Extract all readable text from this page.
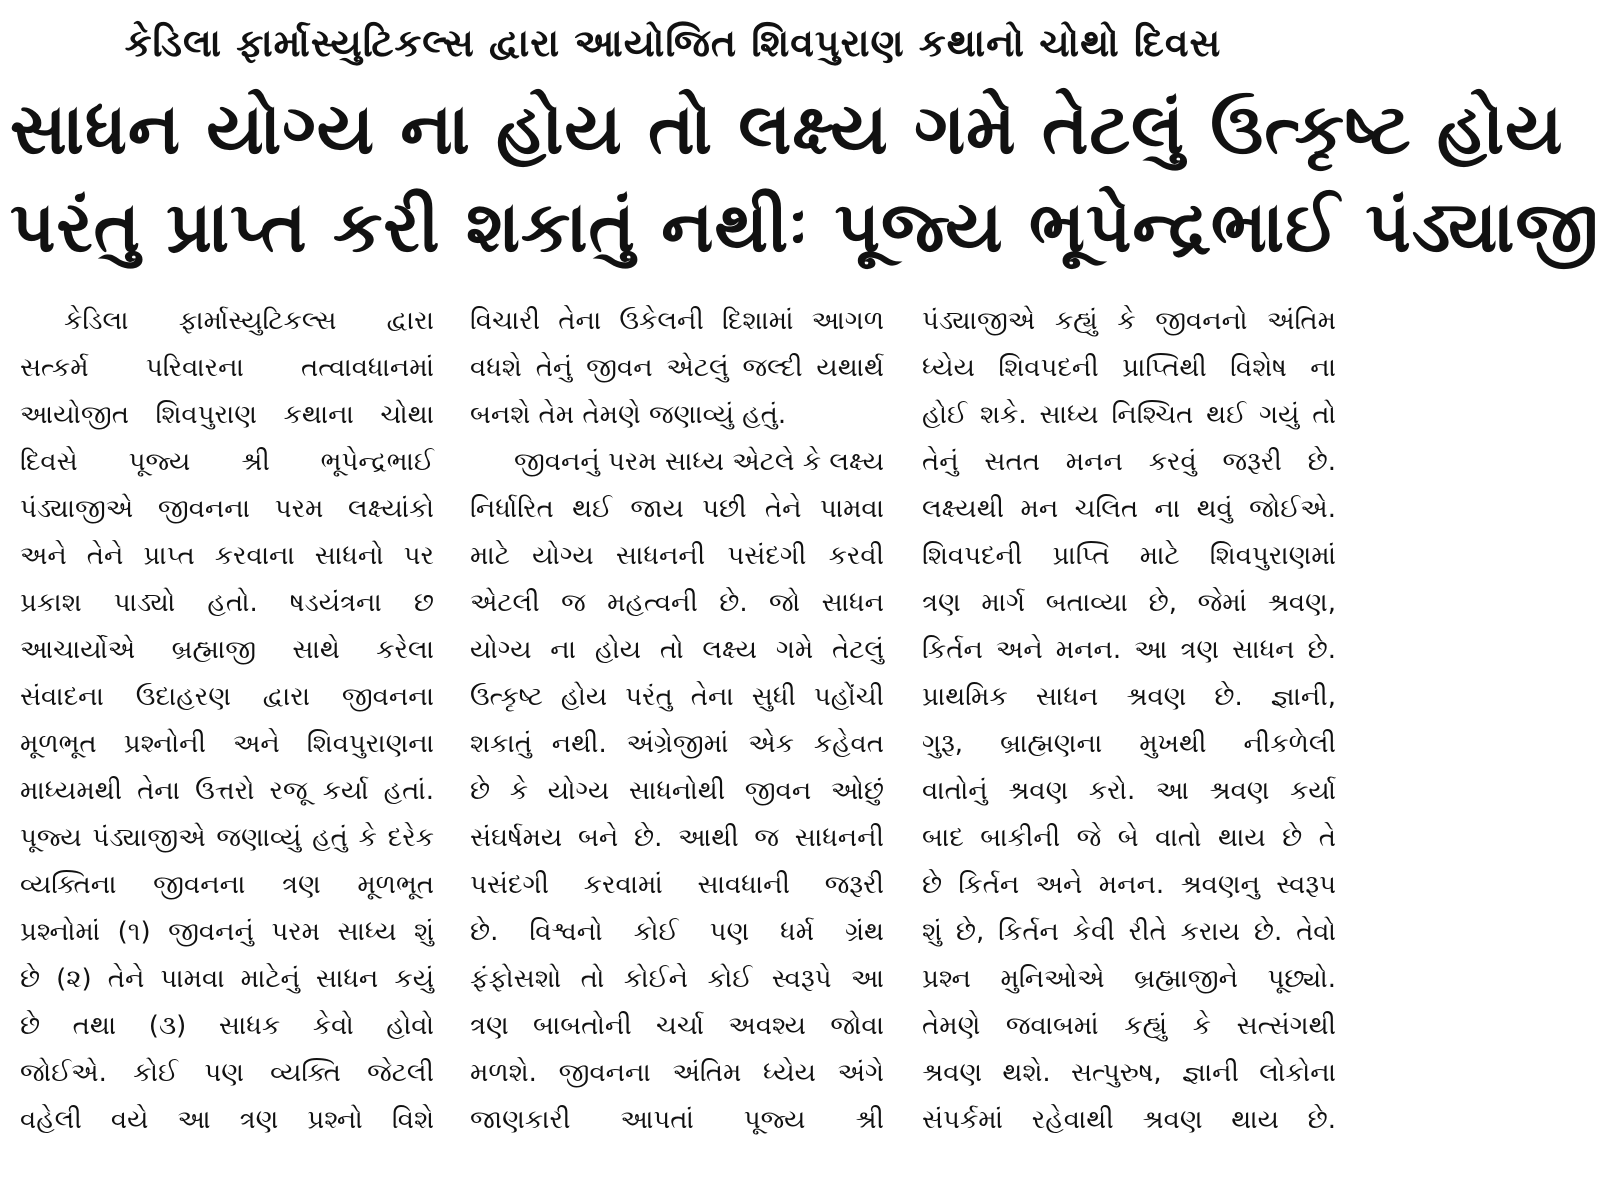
કેડિલા ફાર્માસ્યુટિકલ્સ દ્વારા આયોજિત શિવપુરાણ કથાનો ચોથો દિવસ
સાધન યોગ્ય ના હોય તો લક્ષ્ય ગમે તેટલું ઉત્કૃષ્ટ હોય
પરંતુ પ્રાપ્ત કરી શકાતું નથીઃ પૂજ્ય ભૂપેન્દ્રભાઈ પંડ્યાજી
કેડિલા ફાર્માસ્યુટિકલ્સ દ્વારા
સત્કર્મ પરિવારના તત્વાવધાનમાં
આયોજીત શિવપુરાણ કથાના ચોથા
દિવસે પૂજ્ય શ્રી ભૂપેન્દ્રભાઈ
પંડ્યાજીએ જીવનના પરમ લક્ષ્યાંકો
અને તેને પ્રાપ્ત કરવાના સાધનો પર
પ્રકાશ પાડ્યો હતો. ષડયંત્રના છ
આચાર્યોએ બ્રહ્માજી સાથે કરેલા
સંવાદના ઉદાહરણ દ્વારા જીવનના
મૂળભૂત પ્રશ્નોની અને શિવપુરાણના
માધ્યમથી તેના ઉત્તરો રજૂ કર્યા હતાં.
પૂજ્ય પંડ્યાજીએ જણાવ્યું હતું કે દરેક
વ્યક્તિના જીવનના ત્રણ મૂળભૂત
પ્રશ્નોમાં (૧) જીવનનું પરમ સાધ્ય શું
છે (૨) તેને પામવા માટેનું સાધન કયું
છે તથા (૩) સાધક કેવો હોવો
જોઈએ. કોઈ પણ વ્યક્તિ જેટલી
વહેલી વયે આ ત્રણ પ્રશ્નો વિશે
વિચારી તેના ઉકેલની દિશામાં આગળ
વધશે તેનું જીવન એટલું જલ્દી યથાર્થ
બનશે તેમ તેમણે જણાવ્યું હતું.
જીવનનું પરમ સાધ્ય એટલે કે લક્ષ્ય
નિર્ધારિત થઈ જાય પછી તેને પામવા
માટે યોગ્ય સાધનની પસંદગી કરવી
એટલી જ મહત્વની છે. જો સાધન
યોગ્ય ના હોય તો લક્ષ્ય ગમે તેટલું
ઉત્કૃષ્ટ હોય પરંતુ તેના સુધી પહોંચી
શકાતું નથી. અંગ્રેજીમાં એક કહેવત
છે કે યોગ્ય સાધનોથી જીવન ઓછું
સંઘર્ષમય બને છે. આથી જ સાધનની
પસંદગી કરવામાં સાવધાની જરૂરી
છે. વિશ્વનો કોઈ પણ ધર્મ ગ્રંથ
ફંફોસશો તો કોઈને કોઈ સ્વરૂપે આ
ત્રણ બાબતોની ચર્ચા અવશ્ય જોવા
મળશે. જીવનના અંતિમ ધ્યેય અંગે
જાણકારી આપતાં પૂજ્ય શ્રી
પંડ્યાજીએ કહ્યું કે જીવનનો અંતિમ
ધ્યેય શિવપદની પ્રાપ્તિથી વિશેષ ના
હોઈ શકે. સાધ્ય નિશ્ચિત થઈ ગયું તો
તેનું સતત મનન કરવું જરૂરી છે.
લક્ષ્યથી મન ચલિત ના થવું જોઈએ.
શિવપદની પ્રાપ્તિ માટે શિવપુરાણમાં
ત્રણ માર્ગ બતાવ્યા છે, જેમાં શ્રવણ,
કિર્તન અને મનન. આ ત્રણ સાધન છે.
પ્રાથમિક સાધન શ્રવણ છે. જ્ઞાની,
ગુરૂ, બ્રાહ્મણના મુખથી નીકળેલી
વાતોનું શ્રવણ કરો. આ શ્રવણ કર્યા
બાદ બાકીની જે બે વાતો થાય છે તે
છે કિર્તન અને મનન. શ્રવણનુ સ્વરૂપ
શું છે, કિર્તન કેવી રીતે કરાય છે. તેવો
પ્રશ્ન મુનિઓએ બ્રહ્માજીને પૂછ્યો.
તેમણે જવાબમાં કહ્યું કે સત્સંગથી
શ્રવણ થશે. સત્પુરુષ, જ્ઞાની લોકોના
સંપર્કમાં રહેવાથી શ્રવણ થાય છે.
